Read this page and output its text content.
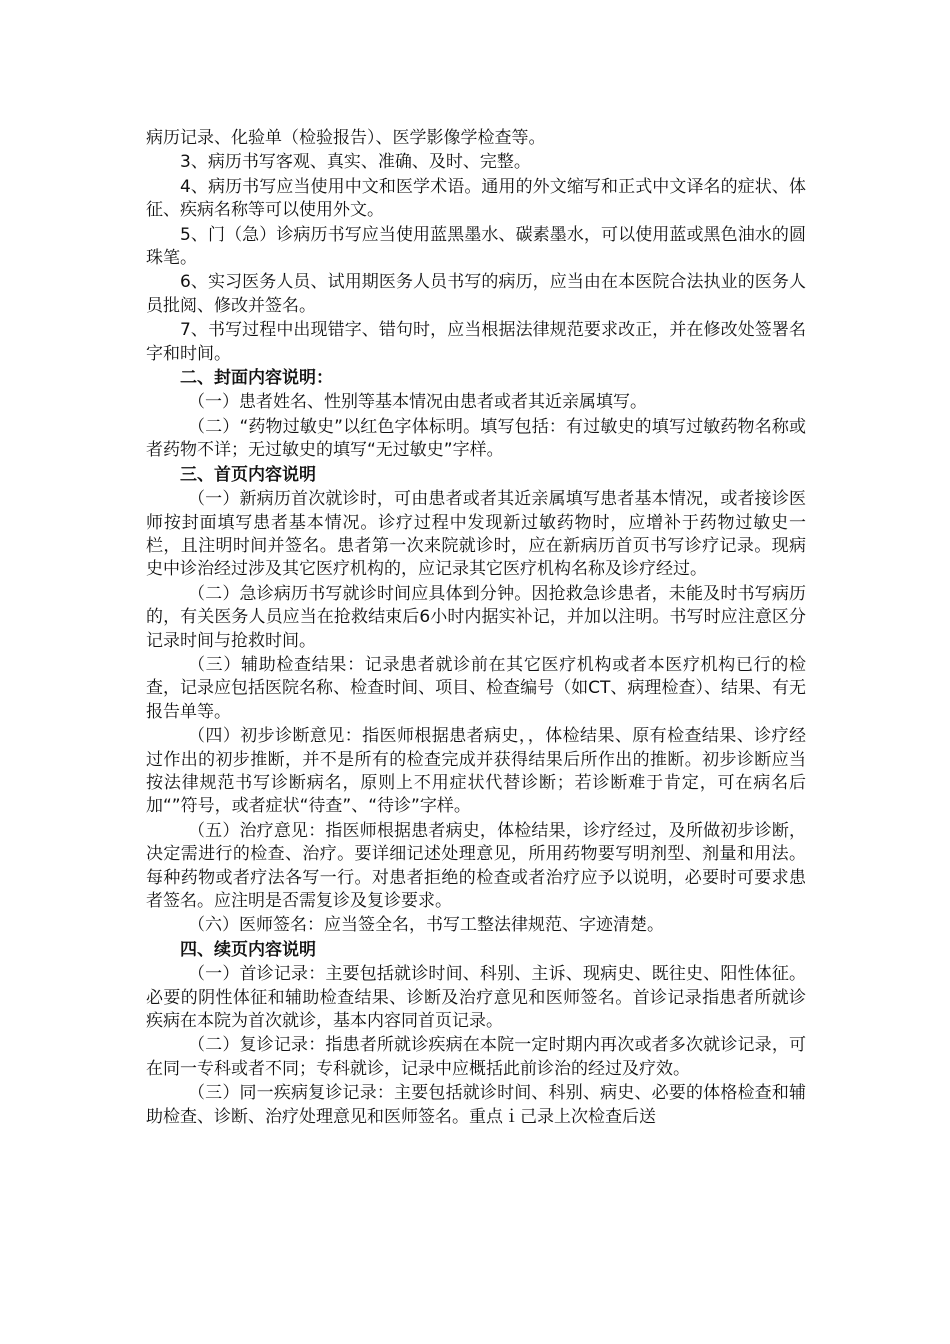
病历记录、化验单（检验报告）、医学影像学检查等。

3、病历书写客观、真实、准确、及时、完整。

4、病历书写应当使用中文和医学术语。通用的外文缩写和正式中文译名的症状、体征、疾病名称等可以使用外文。

5、门（急）诊病历书写应当使用蓝黑墨水、碳素墨水，可以使用蓝或黑色油水的圆珠笔。

6、实习医务人员、试用期医务人员书写的病历，应当由在本医院合法执业的医务人员批阅、修改并签名。

7、书写过程中出现错字、错句时，应当根据法律规范要求改正，并在修改处签署名字和时间。

二、封面内容说明：

（一）患者姓名、性别等基本情况由患者或者其近亲属填写。

（二）“药物过敏史”以红色字体标明。填写包括：有过敏史的填写过敏药物名称或者药物不详；无过敏史的填写“无过敏史”字样。

三、首页内容说明

（一）新病历首次就诊时，可由患者或者其近亲属填写患者基本情况，或者接诊医师按封面填写患者基本情况。诊疗过程中发现新过敏药物时，应增补于药物过敏史一栏，且注明时间并签名。患者第一次来院就诊时，应在新病历首页书写诊疗记录。现病史中诊治经过涉及其它医疗机构的，应记录其它医疗机构名称及诊疗经过。

（二）急诊病历书写就诊时间应具体到分钟。因抢救急诊患者，未能及时书写病历的，有关医务人员应当在抢救结束后6小时内据实补记，并加以注明。书写时应注意区分记录时间与抢救时间。

（三）辅助检查结果：记录患者就诊前在其它医疗机构或者本医疗机构已行的检查，记录应包括医院名称、检查时间、项目、检查编号（如CT、病理检查）、结果、有无报告单等。

（四）初步诊断意见：指医师根据患者病史，，体检结果、原有检查结果、诊疗经过作出的初步推断，并不是所有的检查完成并获得结果后所作出的推断。初步诊断应当按法律规范书写诊断病名，原则上不用症状代替诊断；若诊断难于肯定，可在病名后加“”符号，或者症状“待查”、“待诊”字样。

（五）治疗意见：指医师根据患者病史，体检结果，诊疗经过，及所做初步诊断，决定需进行的检查、治疗。要详细记述处理意见，所用药物要写明剂型、剂量和用法。每种药物或者疗法各写一行。对患者拒绝的检查或者治疗应予以说明，必要时可要求患者签名。应注明是否需复诊及复诊要求。

（六）医师签名：应当签全名，书写工整法律规范、字迹清楚。

四、续页内容说明

（一）首诊记录：主要包括就诊时间、科别、主诉、现病史、既往史、阳性体征。必要的阴性体征和辅助检查结果、诊断及治疗意见和医师签名。首诊记录指患者所就诊疾病在本院为首次就诊，基本内容同首页记录。

（二）复诊记录：指患者所就诊疾病在本院一定时期内再次或者多次就诊记录，可在同一专科或者不同；专科就诊，记录中应概括此前诊治的经过及疗效。

（三）同一疾病复诊记录：主要包括就诊时间、科别、病史、必要的体格检查和辅助检查、诊断、治疗处理意见和医师签名。重点ｉ己录上次检查后送
